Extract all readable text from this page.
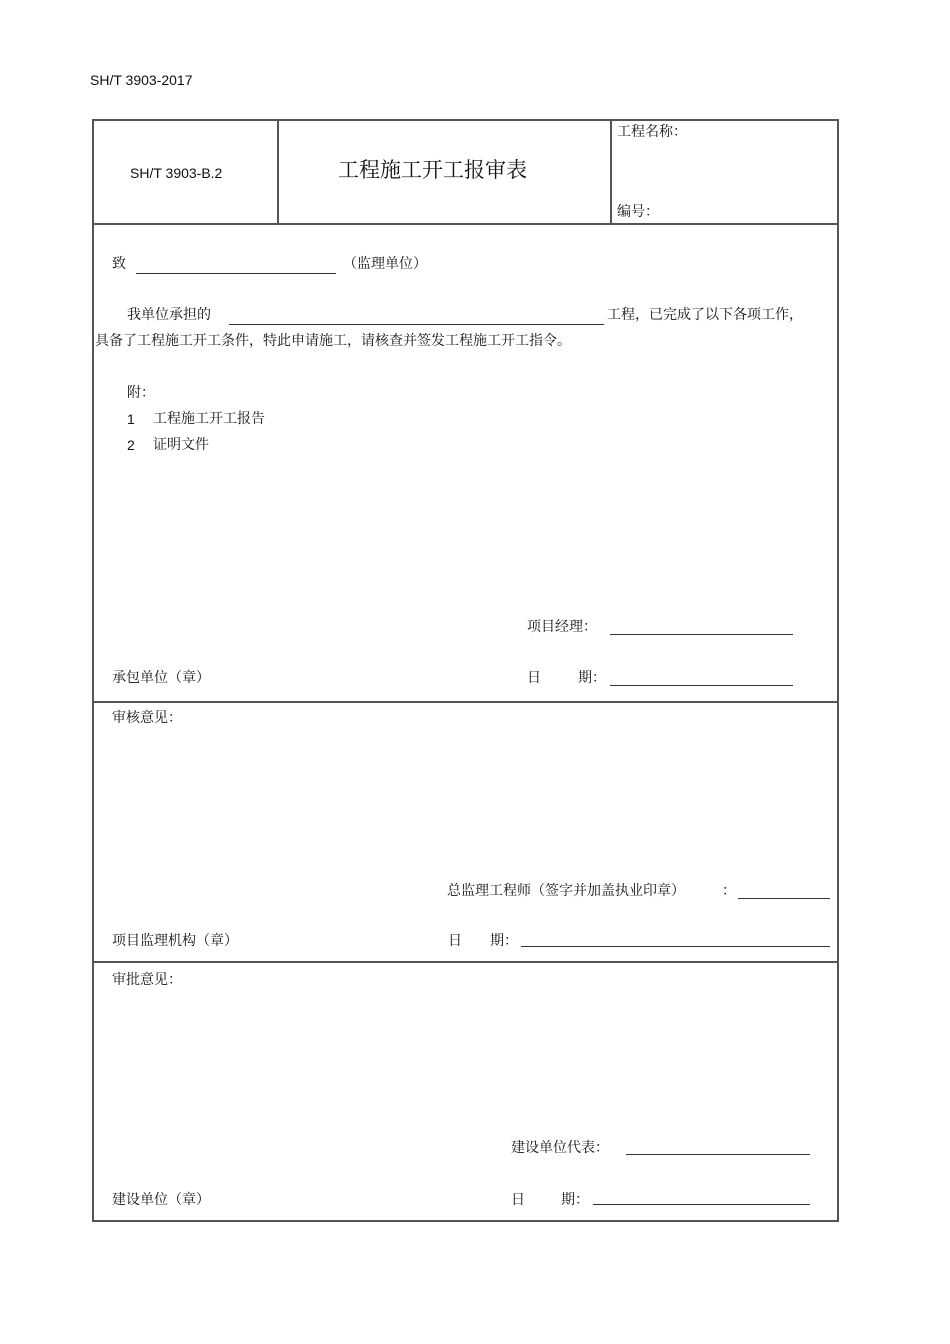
SH/T 3903-2017
SH/T 3903-B.2	工程施工开工报审表
工程名称：
编号：
致	（监理单位）
我单位承担的	工程，已完成了以下各项工作，
具备了工程施工开工条件，特此申请施工，请核查并签发工程施工开工指令。
附：
1 工程施工开工报告
2 证明文件
项目经理：
承包单位（章）	日	期：
审核意见：
总监理工程师（签字并加盖执业印章）	：
项目监理机构（章）	日 期：
审批意见：
建设单位代表：
建设单位（章）	日	期：
